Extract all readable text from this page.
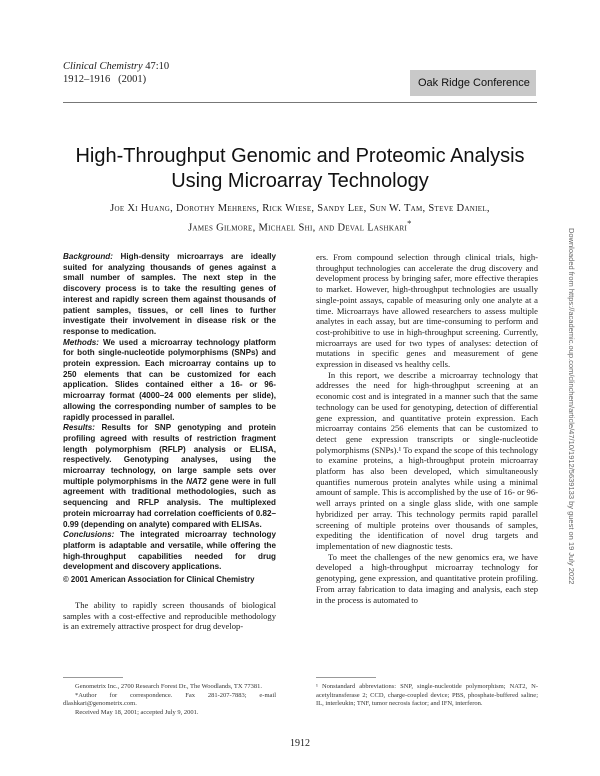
Clinical Chemistry 47:10
1912–1916 (2001)	Oak Ridge Conference
High-Throughput Genomic and Proteomic Analysis
Using Microarray Technology
Joe Xi Huang, Dorothy Mehrens, Rick Wiese, Sandy Lee, Sun W. Tam, Steve Daniel,
James Gilmore, Michael Shi, and Deval Lashkari*

Background: High-density microarrays are ideally suited for analyzing thousands of genes against a small number of samples. The next step in the discovery process is to take the resulting genes of interest and rapidly screen them against thousands of patient samples, tissues, or cell lines to further investigate their involvement in disease risk or the response to medication.

Methods: We used a microarray technology platform for both single-nucleotide polymorphisms (SNPs) and protein expression. Each microarray contains up to 250 elements that can be customized for each application. Slides contained either a 16- or 96-microarray format (4000–24 000 elements per slide), allowing the corresponding number of samples to be rapidly processed in parallel.

Results: Results for SNP genotyping and protein profiling agreed with results of restriction fragment length polymorphism (RFLP) analysis or ELISA, respectively. Genotyping analyses, using the microarray technology, on large sample sets over multiple polymorphisms in the NAT2 gene were in full agreement with traditional methodologies, such as sequencing and RFLP analysis. The multiplexed protein microarray had correlation coefficients of 0.82–0.99 (depending on analyte) compared with ELISAs.

Conclusions: The integrated microarray technology platform is adaptable and versatile, while offering the high-throughput capabilities needed for drug development and discovery applications.

© 2001 American Association for Clinical Chemistry

The ability to rapidly screen thousands of biological samples with a cost-effective and reproducible methodology is an extremely attractive prospect for drug develop-

ers. From compound selection through clinical trials, high-throughput technologies can accelerate the drug discovery and development process by bringing safer, more effective therapies to market. However, high-throughput technologies are usually single-point assays, capable of measuring only one analyte at a time. Microarrays have allowed researchers to assess multiple analytes in each assay, but are time-consuming to perform and cost-prohibitive to use in high-throughput screening. Currently, microarrays are used for two types of analyses: detection of mutations in specific genes and measurement of gene expression in diseased vs healthy cells.

In this report, we describe a microarray technology that addresses the need for high-throughput screening at an economic cost and is integrated in a manner such that the same technology can be used for genotyping, detection of differential gene expression, and quantitative protein expression. Each microarray contains 256 elements that can be customized to detect gene expression transcripts or single-nucleotide polymorphisms (SNPs).¹ To expand the scope of this technology to examine proteins, a high-throughput protein microarray platform has also been developed, which simultaneously quantifies numerous protein analytes while using a minimal amount of sample. This is accomplished by the use of 16- or 96-well arrays printed on a single glass slide, with one sample hybridized per array. This technology permits rapid parallel screening of multiple proteins over thousands of samples, expediting the identification of novel drug targets and implementation of new diagnostic tests.

To meet the challenges of the new genomics era, we have developed a high-throughput microarray technology for genotyping, gene expression, and quantitative protein profiling. From array fabrication to data imaging and analysis, each step in the process is automated to

Genometrix Inc., 2700 Research Forest Dr., The Woodlands, TX 77381.
*Author for correspondence. Fax 281-207-7883; e-mail dlashkari@genometrix.com.
Received May 18, 2001; accepted July 9, 2001.
¹ Nonstandard abbreviations: SNP, single-nucleotide polymorphism; NAT2, N-acetyltransferase 2; CCD, charge-coupled device; PBS, phosphate-buffered saline; IL, interleukin; TNF, tumor necrosis factor; and IFN, interferon.
1912
Downloaded from https://academic.oup.com/clinchem/article/47/10/1912/5639133 by guest on 19 July 2022
